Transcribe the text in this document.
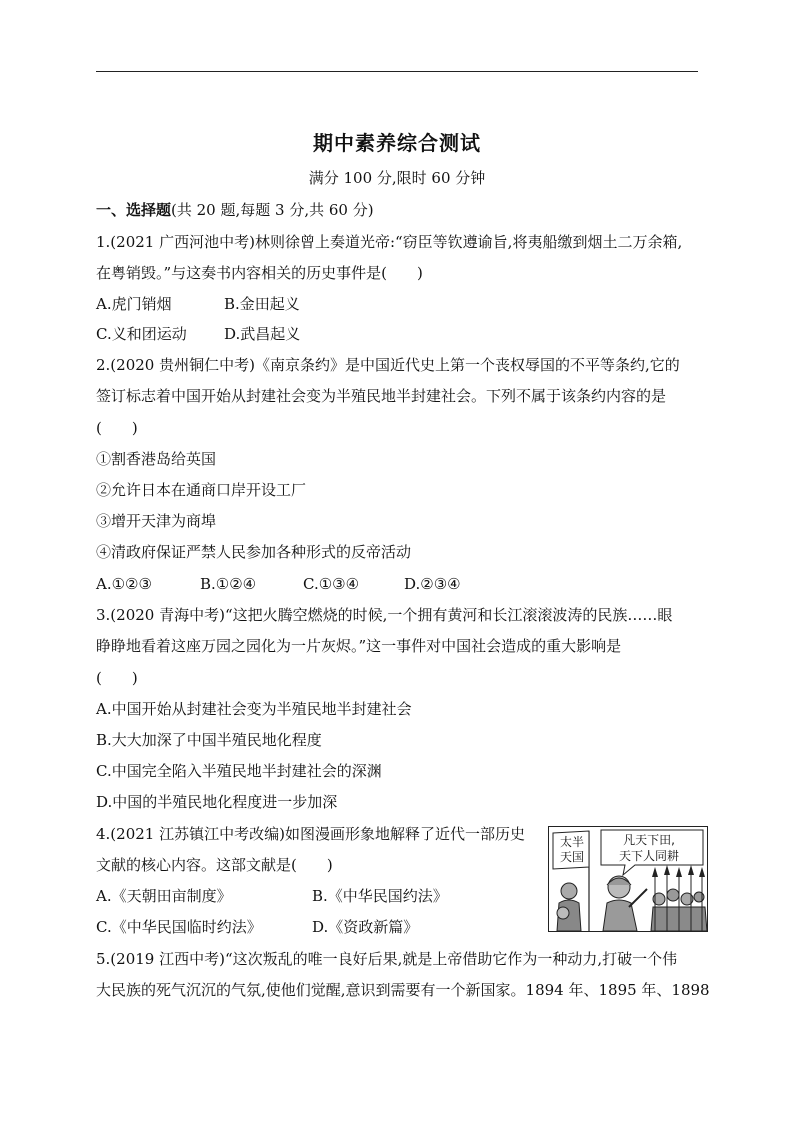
期中素养综合测试
满分 100 分,限时 60 分钟
一、选择题(共 20 题,每题 3 分,共 60 分)
1.(2021 广西河池中考)林则徐曾上奏道光帝:“窃臣等钦遵谕旨,将夷船缴到烟土二万余箱,
在粤销毁。”与这奏书内容相关的历史事件是(　　)
A.虎门销烟	B.金田起义
C.义和团运动 D.武昌起义
2.(2020 贵州铜仁中考)《南京条约》是中国近代史上第一个丧权辱国的不平等条约,它的
签订标志着中国开始从封建社会变为半殖民地半封建社会。下列不属于该条约内容的是
(　　)
①割香港岛给英国
②允许日本在通商口岸开设工厂
③增开天津为商埠
④清政府保证严禁人民参加各种形式的反帝活动
A.①②③	B.①②④	C.①③④	D.②③④
3.(2020 青海中考)“这把火腾空燃烧的时候,一个拥有黄河和长江滚滚波涛的民族……眼
睁睁地看着这座万园之园化为一片灰烬。”这一事件对中国社会造成的重大影响是
(　　)
A.中国开始从封建社会变为半殖民地半封建社会
B.大大加深了中国半殖民地化程度
C.中国完全陷入半殖民地半封建社会的深渊
D.中国的半殖民地化程度进一步加深
4.(2021 江苏镇江中考改编)如图漫画形象地解释了近代一部历史
文献的核心内容。这部文献是(　　)
A.《天朝田亩制度》	B.《中华民国约法》
C.《中华民国临时约法》	D.《资政新篇》
太半
天国
凡天下田,
天下人同耕
5.(2019 江西中考)“这次叛乱的唯一良好后果,就是上帝借助它作为一种动力,打破一个伟
大民族的死气沉沉的气氛,使他们觉醒,意识到需要有一个新国家。1894 年、1895 年、1898
